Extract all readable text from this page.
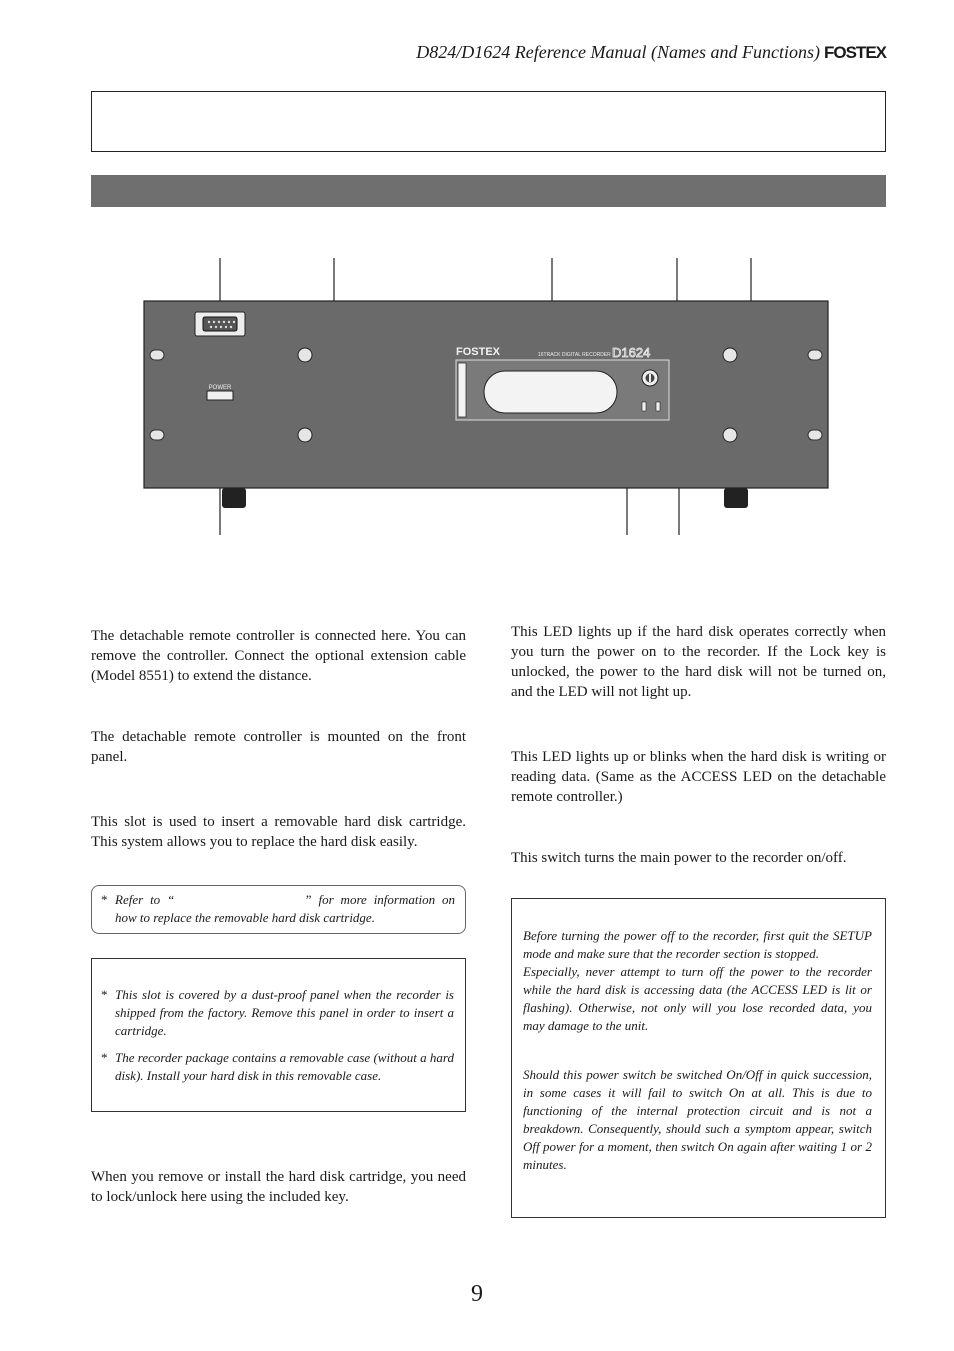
D824/D1624 Reference Manual (Names and Functions) FOSTEX
POWER
FOSTEX	16TRACK DIGITAL RECORDER D1624
The detachable remote controller is connected here. You can remove the controller. Connect the optional extension cable (Model 8551) to extend the distance.
The detachable remote controller is mounted on the front panel.
This slot is used to insert a removable hard disk cartridge. This system allows you to replace the hard disk easily.
* Refer to “	” for more information on how to replace the removable hard disk cartridge.
* This slot is covered by a dust-proof panel when the recorder is shipped from the factory. Remove this panel in order to insert a cartridge.
* The recorder package contains a removable case (without a hard disk). Install your hard disk in this removable case.
When you remove or install the hard disk cartridge, you need to lock/unlock here using the included key.
This LED lights up if the hard disk operates correctly when you turn the power on to the recorder. If the Lock key is unlocked, the power to the hard disk will not be turned on, and the LED will not light up.
This LED lights up or blinks when the hard disk is writing or reading data. (Same as the ACCESS LED on the detachable remote controller.)
This switch turns the main power to the recorder on/off.
Before turning the power off to the recorder, first quit the SETUP mode and make sure that the recorder section is stopped.
Especially, never attempt to turn off the power to the recorder while the hard disk is accessing data (the ACCESS LED is lit or flashing). Otherwise, not only will you lose recorded data, you may damage to the unit.
Should this power switch be switched On/Off in quick succession, in some cases it will fail to switch On at all. This is due to functioning of the internal protection circuit and is not a breakdown. Consequently, should such a symptom appear, switch Off power for a moment, then switch On again after waiting 1 or 2 minutes.
9
